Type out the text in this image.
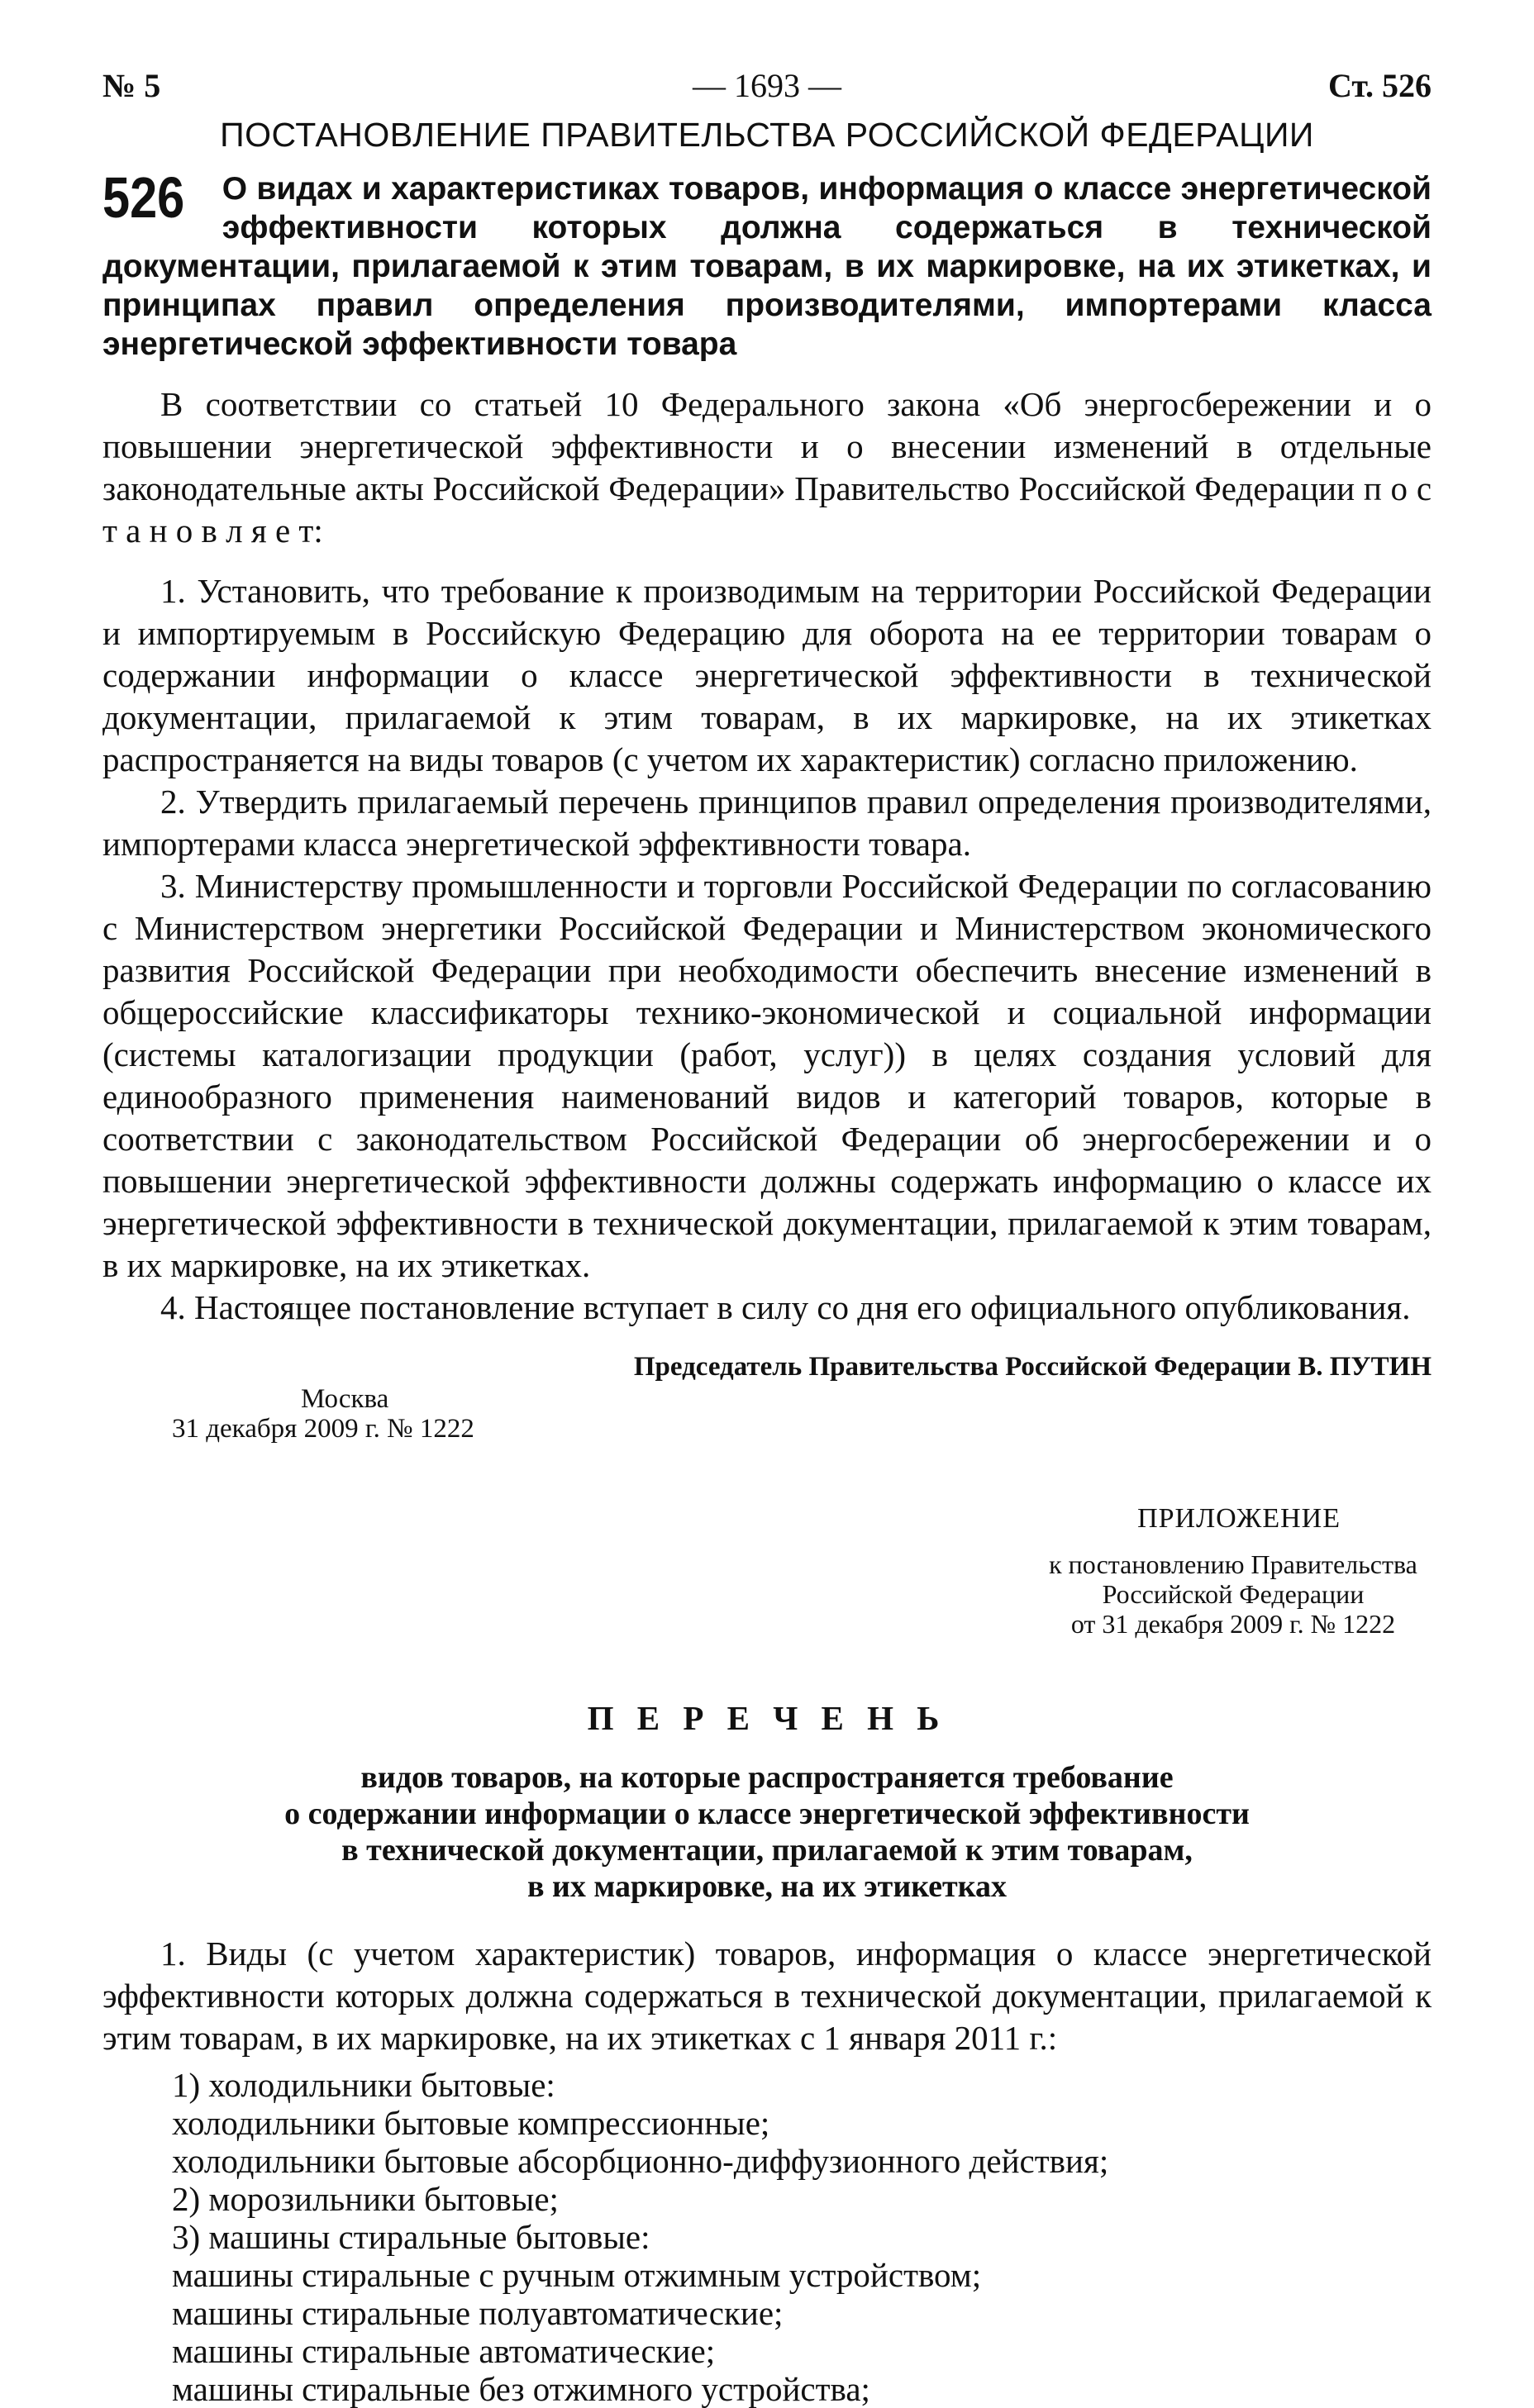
№ 5	— 1693 —	Ст. 526
ПОСТАНОВЛЕНИЕ ПРАВИТЕЛЬСТВА РОССИЙСКОЙ ФЕДЕРАЦИИ
526 О видах и характеристиках товаров, информация о классе энергетической эффективности которых должна содержаться в технической документации, прилагаемой к этим товарам, в их маркировке, на их этикетках, и принципах правил определения производителями, импортерами класса энергетической эффективности товара

В соответствии со статьей 10 Федерального закона «Об энергосбережении и о повышении энергетической эффективности и о внесении изменений в отдельные законодательные акты Российской Федерации» Правительство Российской Федерации п о с т а н о в л я е т:

1. Установить, что требование к производимым на территории Российской Федерации и импортируемым в Российскую Федерацию для оборота на ее территории товарам о содержании информации о классе энергетической эффективности в технической документации, прилагаемой к этим товарам, в их маркировке, на их этикетках распространяется на виды товаров (с учетом их характеристик) согласно приложению.

2. Утвердить прилагаемый перечень принципов правил определения производителями, импортерами класса энергетической эффективности товара.

3. Министерству промышленности и торговли Российской Федерации по согласованию с Министерством энергетики Российской Федерации и Министерством экономического развития Российской Федерации при необходимости обеспечить внесение изменений в общероссийские классификаторы технико-экономической и социальной информации (системы каталогизации продукции (работ, услуг)) в целях создания условий для единообразного применения наименований видов и категорий товаров, которые в соответствии с законодательством Российской Федерации об энергосбережении и о повышении энергетической эффективности должны содержать информацию о классе их энергетической эффективности в технической документации, прилагаемой к этим товарам, в их маркировке, на их этикетках.

4. Настоящее постановление вступает в силу со дня его официального опубликования.

Председатель Правительства Российской Федерации В. ПУТИН
Москва
31 декабря 2009 г. № 1222
ПРИЛОЖЕНИЕ
к постановлению Правительства
Российской Федерации
от 31 декабря 2009 г. № 1222
П Е Р Е Ч Е Н Ь
видов товаров, на которые распространяется требование
о содержании информации о классе энергетической эффективности
в технической документации, прилагаемой к этим товарам,
в их маркировке, на их этикетках

1. Виды (с учетом характеристик) товаров, информация о классе энергетической эффективности которых должна содержаться в технической документации, прилагаемой к этим товарам, в их маркировке, на их этикетках с 1 января 2011 г.:

1) холодильники бытовые:
холодильники бытовые компрессионные;
холодильники бытовые абсорбционно-диффузионного действия;
2) морозильники бытовые;
3) машины стиральные бытовые:
машины стиральные с ручным отжимным устройством;
машины стиральные полуавтоматические;
машины стиральные автоматические;
машины стиральные без отжимного устройства;
